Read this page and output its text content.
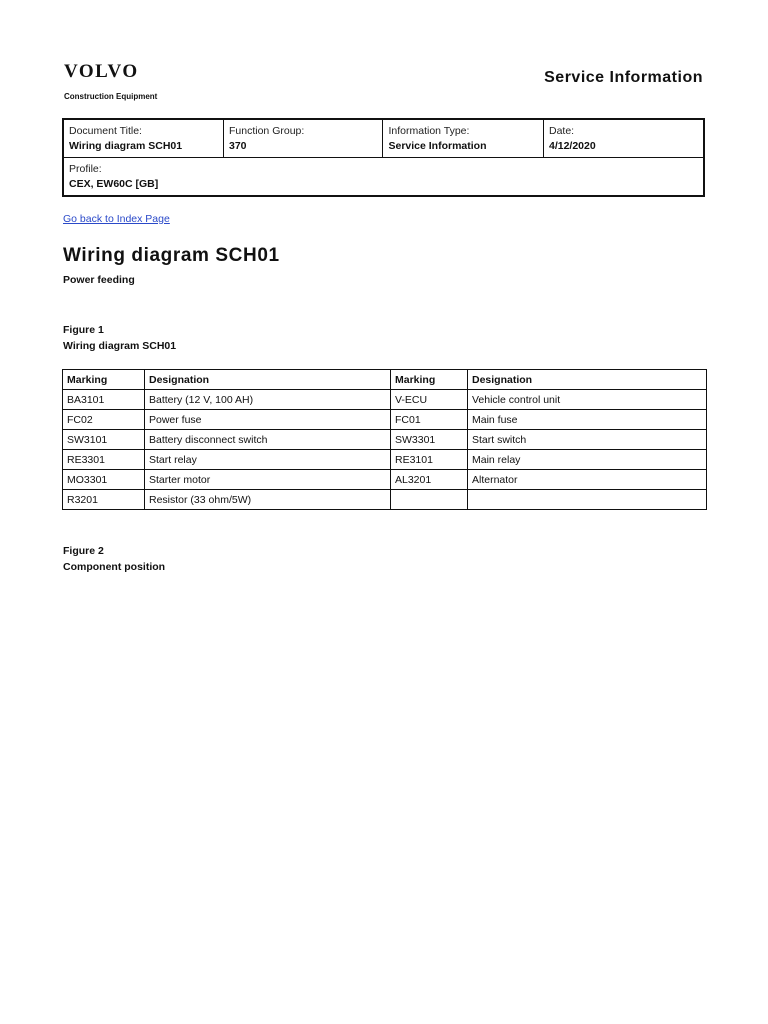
VOLVO
Construction Equipment
Service Information
Document Title:
Wiring diagram SCH01

Function Group:
370

Information Type:
Service Information

Date:
4/12/2020

Profile:
CEX, EW60C [GB]
Go back to Index Page
Wiring diagram SCH01
Power feeding
Figure 1
Wiring diagram SCH01
Marking	Designation	Marking	Designation
BA3101	Battery (12 V, 100 AH)	V-ECU	Vehicle control unit
FC02	Power fuse	FC01	Main fuse
SW3101	Battery disconnect switch	SW3301	Start switch
RE3301	Start relay	RE3101	Main relay
MO3301	Starter motor	AL3201	Alternator
R3201	Resistor (33 ohm/5W)		
Figure 2
Component position
